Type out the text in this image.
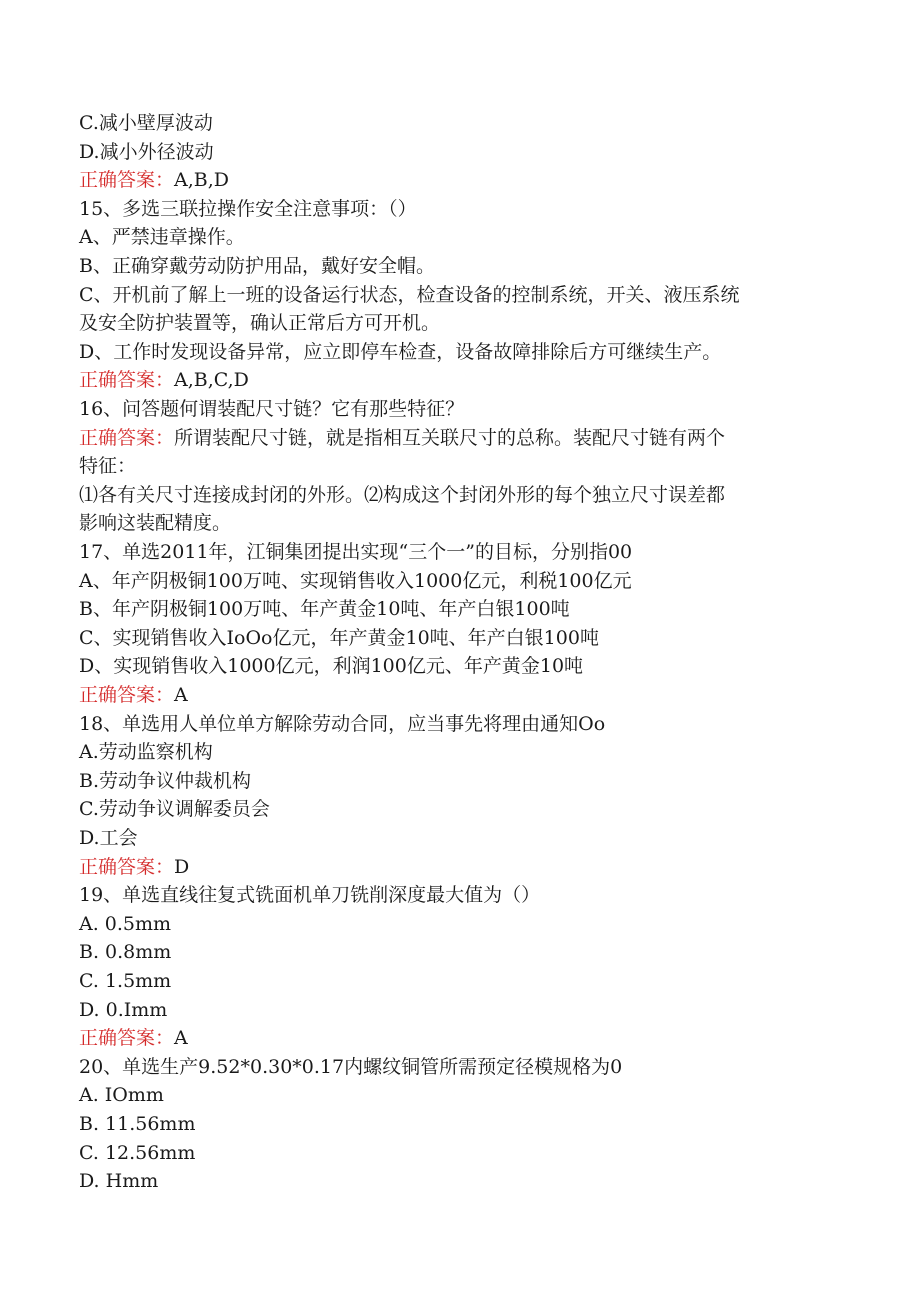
C.减小壁厚波动
D.减小外径波动
正确答案：A,B,D
15、多选三联拉操作安全注意事项：（）
A、严禁违章操作。
B、正确穿戴劳动防护用品，戴好安全帽。
C、开机前了解上一班的设备运行状态，检查设备的控制系统，开关、液压系统
及安全防护装置等，确认正常后方可开机。
D、工作时发现设备异常，应立即停车检查，设备故障排除后方可继续生产。
正确答案：A,B,C,D
16、问答题何谓装配尺寸链？它有那些特征？
正确答案：所谓装配尺寸链，就是指相互关联尺寸的总称。装配尺寸链有两个
特征：
⑴各有关尺寸连接成封闭的外形。⑵构成这个封闭外形的每个独立尺寸误差都
影响这装配精度。
17、单选2011年，江铜集团提出实现“三个一”的目标，分别指00
A、年产阴极铜100万吨、实现销售收入1000亿元，利税100亿元
B、年产阴极铜100万吨、年产黄金10吨、年产白银100吨
C、实现销售收入IoOo亿元，年产黄金10吨、年产白银100吨
D、实现销售收入1000亿元，利润100亿元、年产黄金10吨
正确答案：A
18、单选用人单位单方解除劳动合同，应当事先将理由通知Oo
A.劳动监察机构
B.劳动争议仲裁机构
C.劳动争议调解委员会
D.工会
正确答案：D
19、单选直线往复式铣面机单刀铣削深度最大值为（）
A. 0.5mm
B. 0.8mm
C. 1.5mm
D. 0.Imm
正确答案：A
20、单选生产9.52*0.30*0.17内螺纹铜管所需预定径模规格为0
A. IOmm
B. 11.56mm
C. 12.56mm
D. Hmm
